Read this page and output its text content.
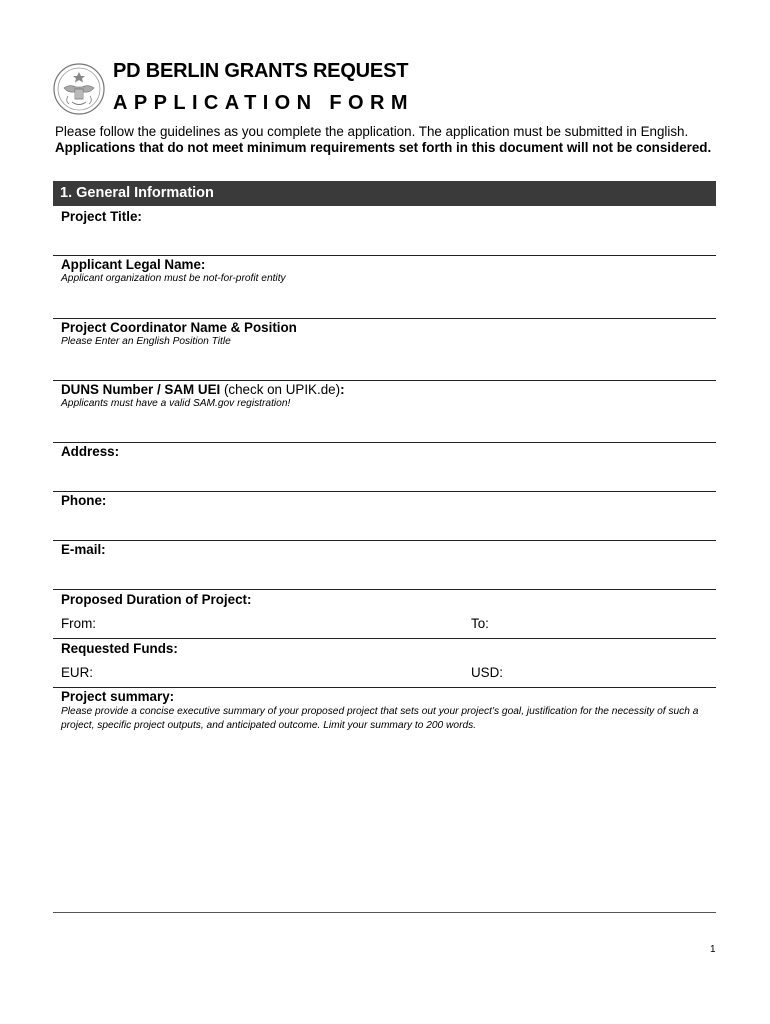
PD BERLIN GRANTS REQUEST
APPLICATION FORM
Please follow the guidelines as you complete the application. The application must be submitted in English.
Applications that do not meet minimum requirements set forth in this document will not be considered.
1. General Information
Project Title:
Applicant Legal Name:
Applicant organization must be not-for-profit entity
Project Coordinator Name & Position
Please Enter an English Position Title
DUNS Number / SAM UEI (check on UPIK.de):
Applicants must have a valid SAM.gov registration!
Address:
Phone:
E-mail:
Proposed Duration of Project:
From:	To:
Requested Funds:
EUR:	USD:
Project summary:
Please provide a concise executive summary of your proposed project that sets out your project’s goal, justification for the necessity of such a project, specific project outputs, and anticipated outcome. Limit your summary to 200 words.
1
